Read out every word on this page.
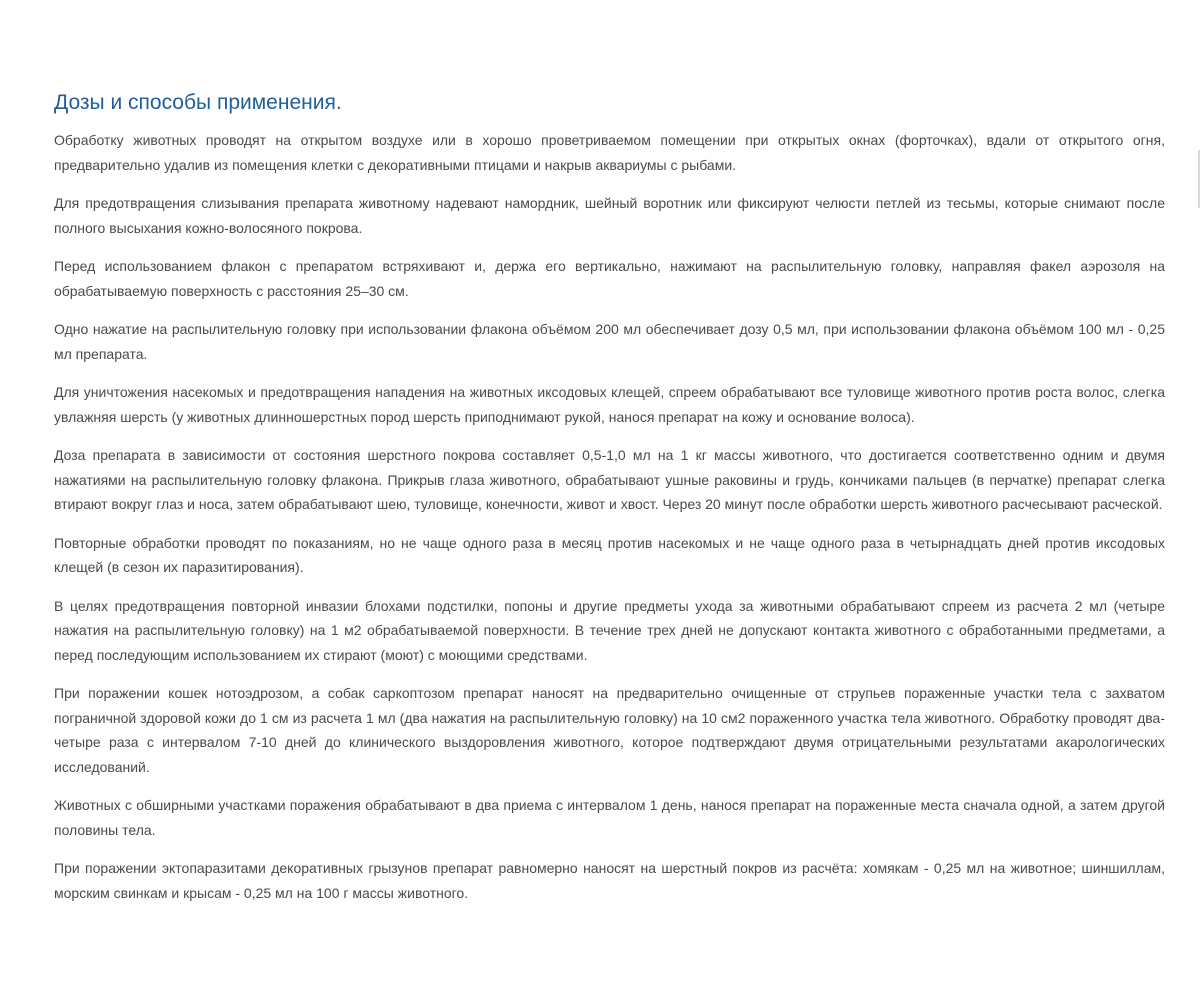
Дозы и способы применения.

Обработку животных проводят на открытом воздухе или в хорошо проветриваемом помещении при открытых окнах (форточках), вдали от открытого огня, предварительно удалив из помещения клетки с декоративными птицами и накрыв аквариумы с рыбами.

Для предотвращения слизывания препарата животному надевают намордник, шейный воротник или фиксируют челюсти петлей из тесьмы, которые снимают после полного высыхания кожно-волосяного покрова.

Перед использованием флакон с препаратом встряхивают и, держа его вертикально, нажимают на распылительную головку, направляя факел аэрозоля на обрабатываемую поверхность с расстояния 25–30 см.

Одно нажатие на распылительную головку при использовании флакона объёмом 200 мл обеспечивает дозу 0,5 мл, при использовании флакона объёмом 100 мл - 0,25 мл препарата.

Для уничтожения насекомых и предотвращения нападения на животных иксодовых клещей, спреем обрабатывают все туловище животного против роста волос, слегка увлажняя шерсть (у животных длинношерстных пород шерсть приподнимают рукой, нанося препарат на кожу и основание волоса).

Доза препарата в зависимости от состояния шерстного покрова составляет 0,5-1,0 мл на 1 кг массы животного, что достигается соответственно одним и двумя нажатиями на распылительную головку флакона. Прикрыв глаза животного, обрабатывают ушные раковины и грудь, кончиками пальцев (в перчатке) препарат слегка втирают вокруг глаз и носа, затем обрабатывают шею, туловище, конечности, живот и хвост. Через 20 минут после обработки шерсть животного расчесывают расческой.

Повторные обработки проводят по показаниям, но не чаще одного раза в месяц против насекомых и не чаще одного раза в четырнадцать дней против иксодовых клещей (в сезон их паразитирования).

В целях предотвращения повторной инвазии блохами подстилки, попоны и другие предметы ухода за животными обрабатывают спреем из расчета 2 мл (четыре нажатия на распылительную головку) на 1 м2 обрабатываемой поверхности. В течение трех дней не допускают контакта животного с обработанными предметами, а перед последующим использованием их стирают (моют) с моющими средствами.

При поражении кошек нотоэдрозом, а собак саркоптозом препарат наносят на предварительно очищенные от струпьев пораженные участки тела с захватом пограничной здоровой кожи до 1 см из расчета 1 мл (два нажатия на распылительную головку) на 10 см2 пораженного участка тела животного. Обработку проводят два-четыре раза с интервалом 7-10 дней до клинического выздоровления животного, которое подтверждают двумя отрицательными результатами акарологических исследований.

Животных с обширными участками поражения обрабатывают в два приема с интервалом 1 день, нанося препарат на пораженные места сначала одной, а затем другой половины тела.

При поражении эктопаразитами декоративных грызунов препарат равномерно наносят на шерстный покров из расчёта: хомякам - 0,25 мл на животное; шиншиллам, морским свинкам и крысам - 0,25 мл на 100 г массы животного.
